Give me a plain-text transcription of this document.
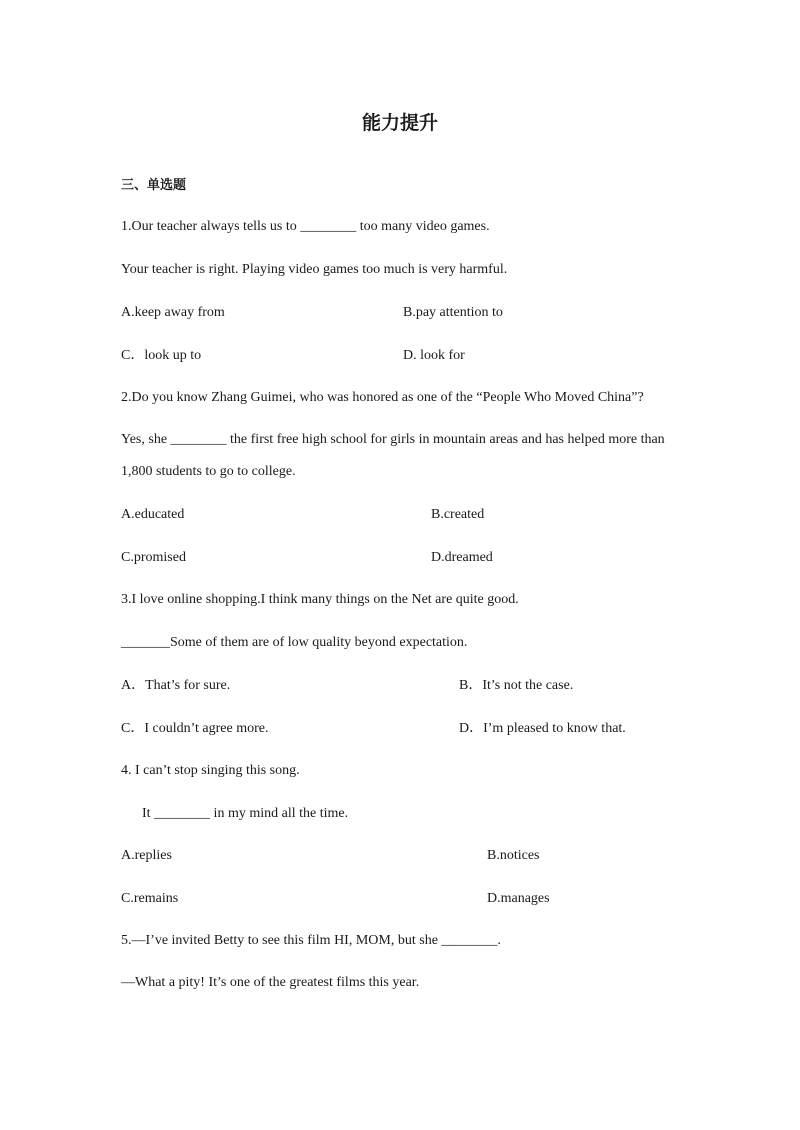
能力提升
三、单选题
1.Our teacher always tells us to ________ too many video games.
Your teacher is right. Playing video games too much is very harmful.
A.keep away from	B.pay attention to
C．look up to	D. look for
2.Do you know Zhang Guimei, who was honored as one of the “People Who Moved China”?
Yes, she ________ the first free high school for girls in mountain areas and has helped more than
1,800 students to go to college.
A.educated	B.created
C.promised	D.dreamed
3.I love online shopping.I think many things on the Net are quite good.
_______Some of them are of low quality beyond expectation.
A．That’s for sure.	B．It’s not the case.
C．I couldn’t agree more.	D．I’m pleased to know that.
4. I can’t stop singing this song.
It ________ in my mind all the time.
A.replies	B.notices
C.remains	D.manages
5.—I’ve invited Betty to see this film HI, MOM, but she ________.
—What a pity! It’s one of the greatest films this year.
